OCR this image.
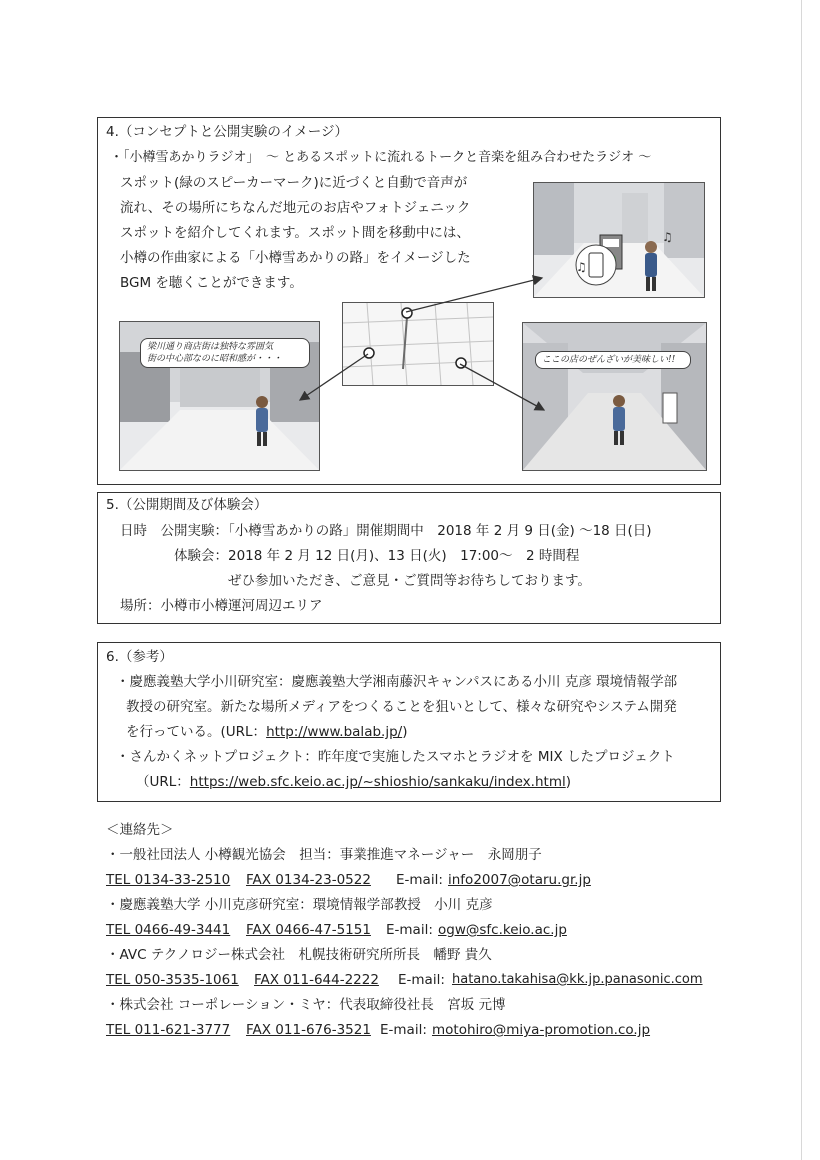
4.（コンセプトと公開実験のイメージ）
・「小樽雪あかりラジオ」　～ とあるスポットに流れるトークと音楽を組み合わせたラジオ ～
スポット(緑のスピーカーマーク)に近づくと自動で音声が
流れ、その場所にちなんだ地元のお店やフォトジェニック
スポットを紹介してくれます。スポット間を移動中には、
小樽の作曲家による「小樽雪あかりの路」をイメージした
BGM を聴くことができます。
♫
♫
梁川通り商店街は独特な雰囲気
街の中心部なのに昭和感が・・・	ここの店のぜんざいが美味しい!!
5.（公開期間及び体験会）
日時　公開実験：「小樽雪あかりの路」開催期間中　2018 年 2 月 9 日(金) ～18 日(日)
体験会：2018 年 2 月 12 日(月)、13 日(火)　17:00～　2 時間程
ぜひ参加いただき、ご意見・ご質問等お待ちしております。
場所：小樽市小樽運河周辺エリア
6.（参考）
・慶應義塾大学小川研究室：慶應義塾大学湘南藤沢キャンパスにある小川 克彦 環境情報学部
教授の研究室。新たな場所メディアをつくることを狙いとして、様々な研究やシステム開発
を行っている。(URL：http://www.balab.jp/)
・さんかくネットプロジェクト：昨年度で実施したスマホとラジオを MIX したプロジェクト
（URL：https://web.sfc.keio.ac.jp/~shioshio/sankaku/index.html)
＜連絡先＞
・一般社団法人 小樽観光協会　担当：事業推進マネージャー　永岡朋子
TEL 0134-33-2510 FAX 0134-23-0522 E-mail: info2007@otaru.gr.jp
・慶應義塾大学 小川克彦研究室：環境情報学部教授　小川 克彦
TEL 0466-49-3441 FAX 0466-47-5151 E-mail: ogw@sfc.keio.ac.jp
・AVC テクノロジー株式会社　札幌技術研究所所長　幡野 貴久
TEL 050-3535-1061 FAX 011-644-2222 E-mail: hatano.takahisa@kk.jp.panasonic.com
・株式会社 コーポレーション・ミヤ：代表取締役社長　宮坂 元博
TEL 011-621-3777 FAX 011-676-3521 E-mail: motohiro@miya-promotion.co.jp
